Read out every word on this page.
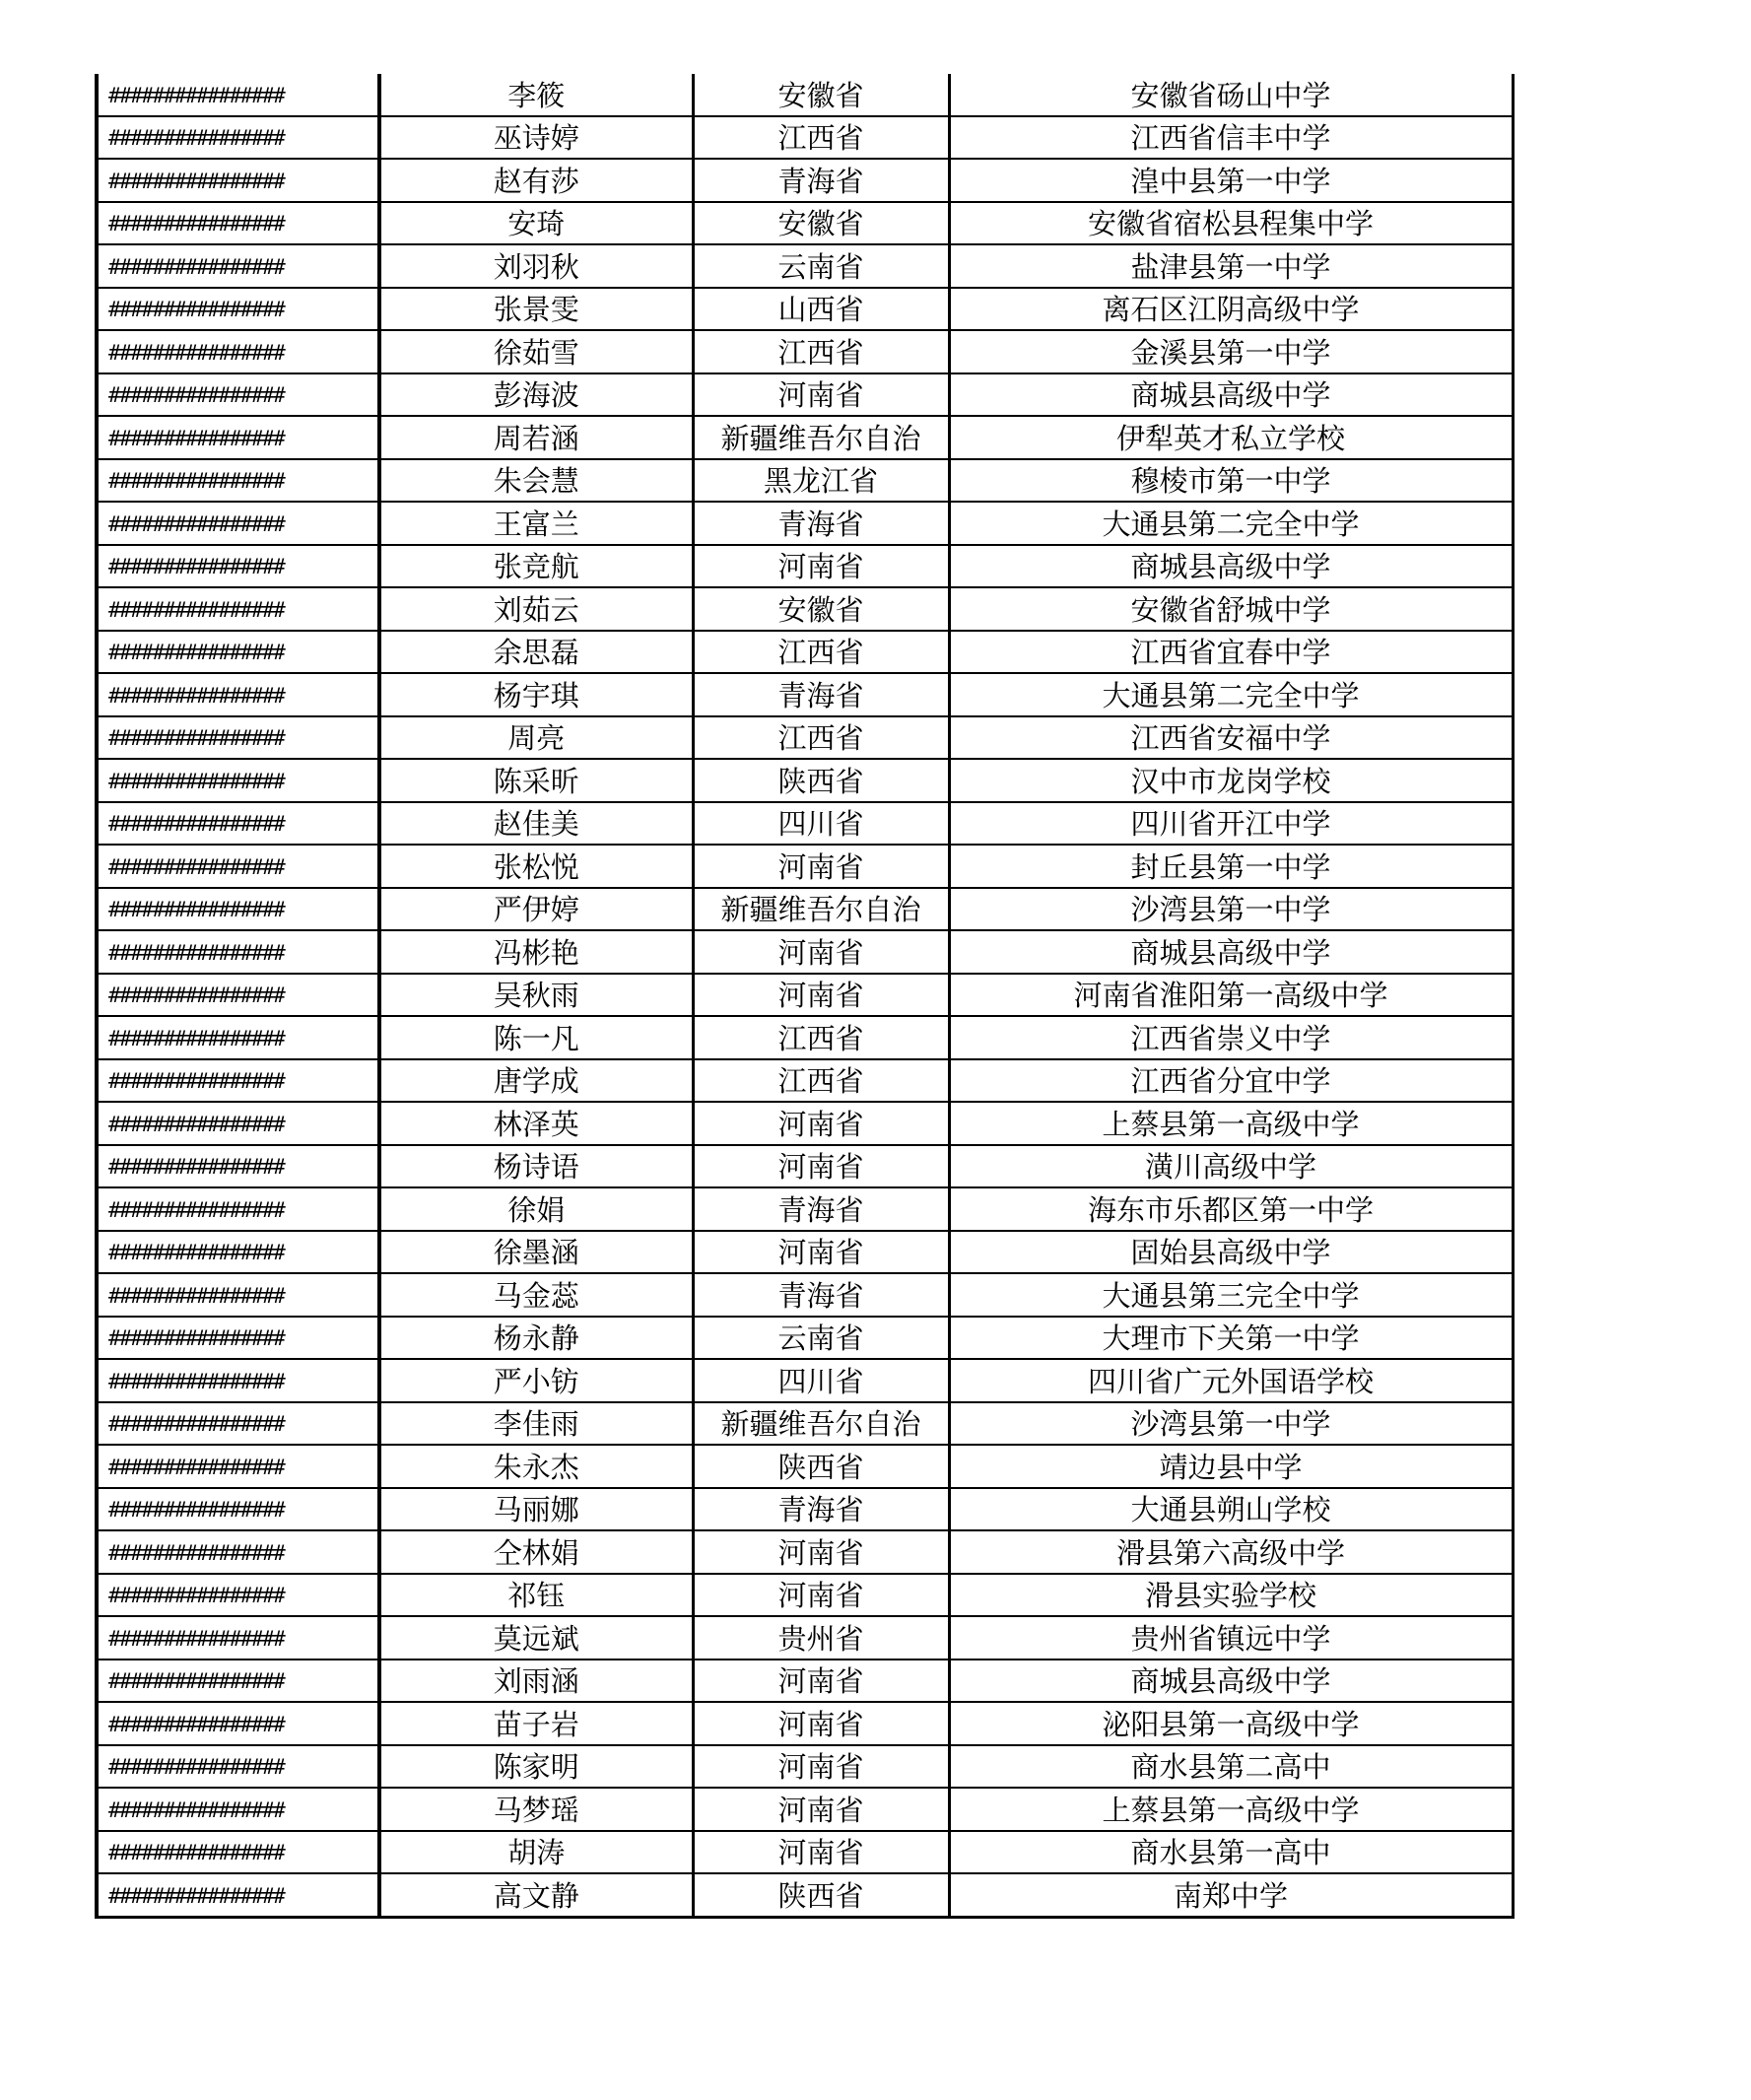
################	李筱	安徽省	安徽省砀山中学
################	巫诗婷	江西省	江西省信丰中学
################	赵有莎	青海省	湟中县第一中学
################	安琦	安徽省	安徽省宿松县程集中学
################	刘羽秋	云南省	盐津县第一中学
################	张景雯	山西省	离石区江阴高级中学
################	徐茹雪	江西省	金溪县第一中学
################	彭海波	河南省	商城县高级中学
################	周若涵	新疆维吾尔自治	伊犁英才私立学校
################	朱会慧	黑龙江省	穆棱市第一中学
################	王富兰	青海省	大通县第二完全中学
################	张竞航	河南省	商城县高级中学
################	刘茹云	安徽省	安徽省舒城中学
################	余思磊	江西省	江西省宜春中学
################	杨宇琪	青海省	大通县第二完全中学
################	周亮	江西省	江西省安福中学
################	陈采昕	陕西省	汉中市龙岗学校
################	赵佳美	四川省	四川省开江中学
################	张松悦	河南省	封丘县第一中学
################	严伊婷	新疆维吾尔自治	沙湾县第一中学
################	冯彬艳	河南省	商城县高级中学
################	吴秋雨	河南省	河南省淮阳第一高级中学
################	陈一凡	江西省	江西省崇义中学
################	唐学成	江西省	江西省分宜中学
################	林泽英	河南省	上蔡县第一高级中学
################	杨诗语	河南省	潢川高级中学
################	徐娟	青海省	海东市乐都区第一中学
################	徐墨涵	河南省	固始县高级中学
################	马金蕊	青海省	大通县第三完全中学
################	杨永静	云南省	大理市下关第一中学
################	严小钫	四川省	四川省广元外国语学校
################	李佳雨	新疆维吾尔自治	沙湾县第一中学
################	朱永杰	陕西省	靖边县中学
################	马丽娜	青海省	大通县朔山学校
################	仝林娟	河南省	滑县第六高级中学
################	祁钰	河南省	滑县实验学校
################	莫远斌	贵州省	贵州省镇远中学
################	刘雨涵	河南省	商城县高级中学
################	苗子岩	河南省	泌阳县第一高级中学
################	陈家明	河南省	商水县第二高中
################	马梦瑶	河南省	上蔡县第一高级中学
################	胡涛	河南省	商水县第一高中
################	高文静	陕西省	南郑中学
